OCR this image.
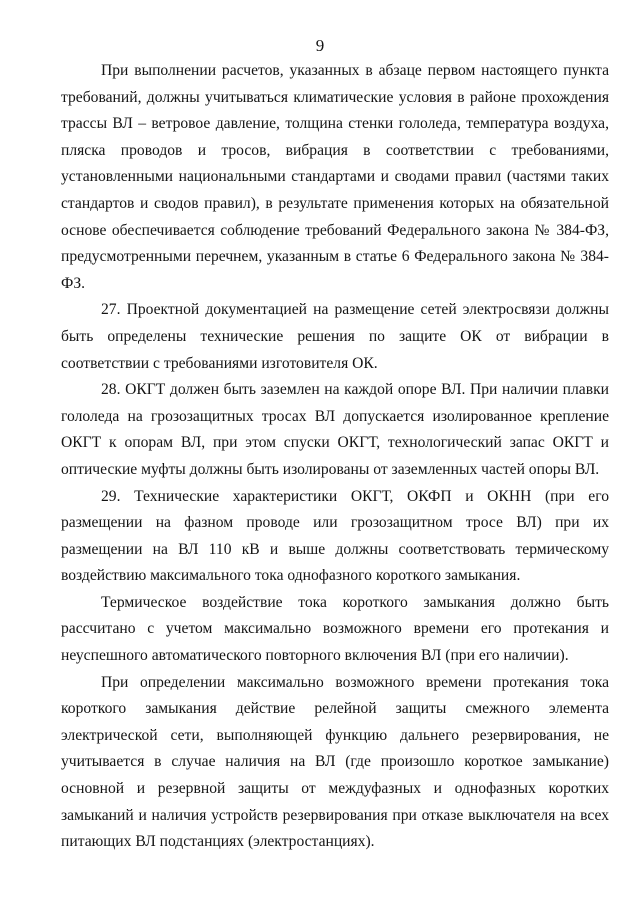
9

При выполнении расчетов, указанных в абзаце первом настоящего пункта требований, должны учитываться климатические условия в районе прохождения трассы ВЛ – ветровое давление, толщина стенки гололеда, температура воздуха, пляска проводов и тросов, вибрация в соответствии с требованиями, установленными национальными стандартами и сводами правил (частями таких стандартов и сводов правил), в результате применения которых на обязательной основе обеспечивается соблюдение требований Федерального закона № 384-ФЗ, предусмотренными перечнем, указанным в статье 6 Федерального закона № 384-ФЗ.

27. Проектной документацией на размещение сетей электросвязи должны быть определены технические решения по защите ОК от вибрации в соответствии с требованиями изготовителя ОК.

28. ОКГТ должен быть заземлен на каждой опоре ВЛ. При наличии плавки гололеда на грозозащитных тросах ВЛ допускается изолированное крепление ОКГТ к опорам ВЛ, при этом спуски ОКГТ, технологический запас ОКГТ и оптические муфты должны быть изолированы от заземленных частей опоры ВЛ.

29. Технические характеристики ОКГТ, ОКФП и ОКНН (при его размещении на фазном проводе или грозозащитном тросе ВЛ) при их размещении на ВЛ 110 кВ и выше должны соответствовать термическому воздействию максимального тока однофазного короткого замыкания.

Термическое воздействие тока короткого замыкания должно быть рассчитано с учетом максимально возможного времени его протекания и неуспешного автоматического повторного включения ВЛ (при его наличии).

При определении максимально возможного времени протекания тока короткого замыкания действие релейной защиты смежного элемента электрической сети, выполняющей функцию дальнего резервирования, не учитывается в случае наличия на ВЛ (где произошло короткое замыкание) основной и резервной защиты от междуфазных и однофазных коротких замыканий и наличия устройств резервирования при отказе выключателя на всех питающих ВЛ подстанциях (электростанциях).
